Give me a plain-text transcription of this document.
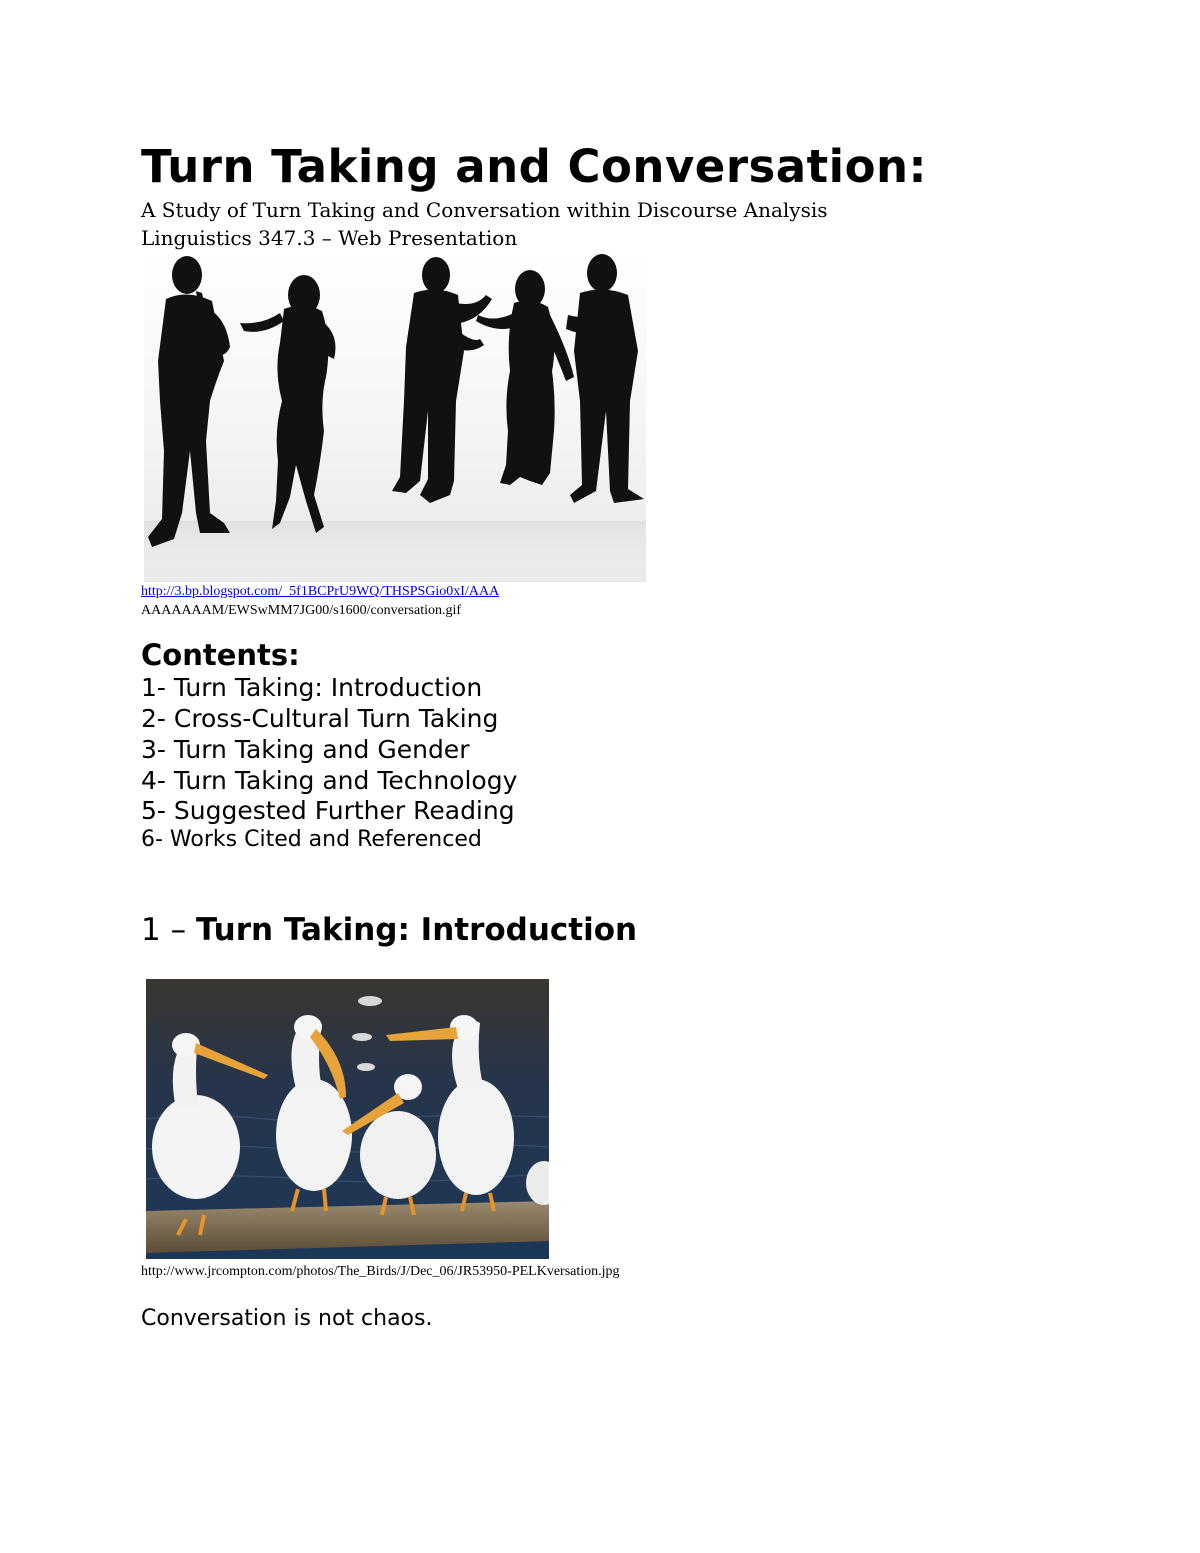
Turn Taking and Conversation:
A Study of Turn Taking and Conversation within Discourse Analysis
Linguistics 347.3 – Web Presentation
http://3.bp.blogspot.com/_5f1BCPrU9WQ/THSPSGio0xI/AAA
AAAAAAAM/EWSwMM7JG00/s1600/conversation.gif
Contents:
1- Turn Taking: Introduction
2- Cross-Cultural Turn Taking
3- Turn Taking and Gender
4- Turn Taking and Technology
5- Suggested Further Reading
6- Works Cited and Referenced
1 – Turn Taking: Introduction
http://www.jrcompton.com/photos/The_Birds/J/Dec_06/JR53950-PELKversation.jpg
Conversation is not chaos.
